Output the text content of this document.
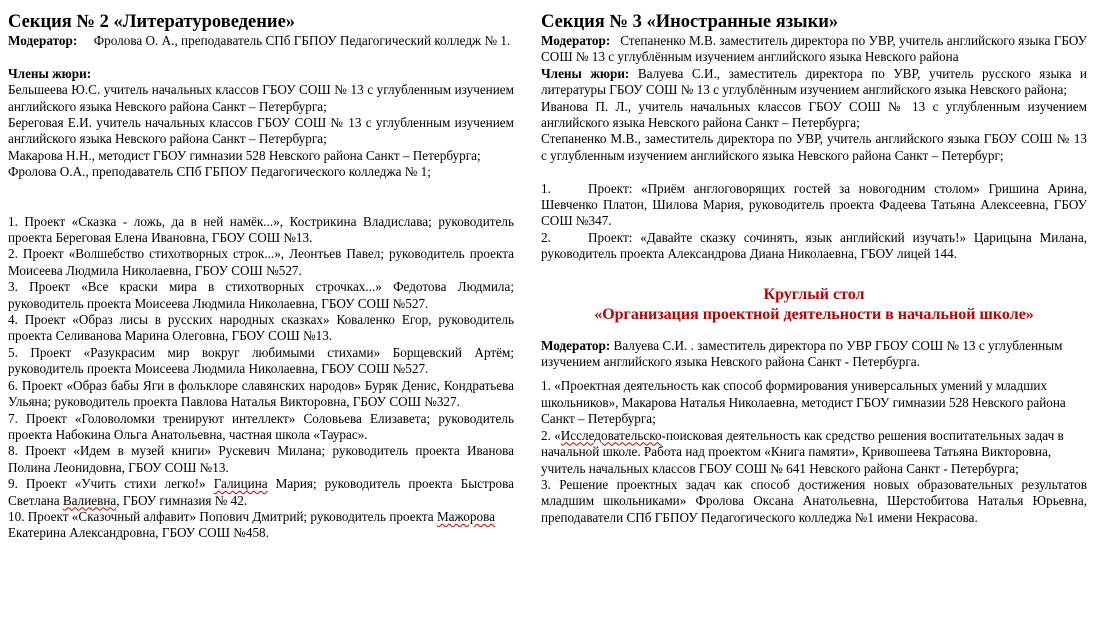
Секция № 2 «Литературоведение»

Модератор: Фролова О. А., преподаватель СПб ГБПОУ Педагогический колледж № 1.

Члены жюри:

Бельшеева Ю.С. учитель начальных классов ГБОУ СОШ № 13 с углубленным изучением английского языка Невского района Санкт – Петербурга;

Береговая Е.И. учитель начальных классов ГБОУ СОШ № 13 с углубленным изучением английского языка Невского района Санкт – Петербурга;

Макарова Н.Н., методист ГБОУ гимназии 528 Невского района Санкт – Петербурга;

Фролова О.А., преподаватель СПб ГБПОУ Педагогического колледжа № 1;

1. Проект «Сказка - ложь, да в ней намёк...», Кострикина Владислава; руководитель проекта Береговая Елена Ивановна, ГБОУ СОШ №13.

2. Проект «Волшебство стихотворных строк...», Леонтьев Павел; руководитель проекта Моисеева Людмила Николаевна, ГБОУ СОШ №527.

3. Проект «Все краски мира в стихотворных строчках...» Федотова Людмила; руководитель проекта Моисеева Людмила Николаевна, ГБОУ СОШ №527.

4. Проект «Образ лисы в русских народных сказках» Коваленко Егор, руководитель проекта Селиванова Марина Олеговна, ГБОУ СОШ №13.

5. Проект «Разукрасим мир вокруг любимыми стихами» Борщевский Артём; руководитель проекта Моисеева Людмила Николаевна, ГБОУ СОШ №527.

6. Проект «Образ бабы Яги в фольклоре славянских народов» Буряк Денис, Кондратьева Ульяна; руководитель проекта Павлова Наталья Викторовна, ГБОУ СОШ №327.

7. Проект «Головоломки тренируют интеллект» Соловьева Елизавета; руководитель проекта Набокина Ольга Анатольевна, частная школа «Таурас».

8. Проект «Идем в музей книги» Рускевич Милана; руководитель проекта Иванова Полина Леонидовна, ГБОУ СОШ №13.

9. Проект «Учить стихи легко!» Галицина Мария; руководитель проекта Быстрова Светлана Валиевна, ГБОУ гимназия № 42.

10. Проект «Сказочный алфавит» Попович Дмитрий; руководитель проекта Мажорова Екатерина Александровна, ГБОУ СОШ №458.

Секция № 3 «Иностранные языки»

Модератор: Степаненко М.В. заместитель директора по УВР, учитель английского языка ГБОУ СОШ № 13 с углублённым изучением английского языка Невского района

Члены жюри: Валуева С.И., заместитель директора по УВР, учитель русского языка и литературы ГБОУ СОШ № 13 с углублённым изучением английского языка Невского района;

Иванова П. Л., учитель начальных классов ГБОУ СОШ № 13 с углубленным изучением английского языка Невского района Санкт – Петербурга;

Степаненко М.В., заместитель директора по УВР, учитель английского языка ГБОУ СОШ № 13 с углубленным изучением английского языка Невского района Санкт – Петербург;

1.	Проект: «Приём англоговорящих гостей за новогодним столом» Гришина Арина, Шевченко Платон, Шилова Мария, руководитель проекта Фадеева Татьяна Алексеевна, ГБОУ СОШ №347.

2.	Проект: «Давайте сказку сочинять, язык английский изучать!» Царицына Милана, руководитель проекта Александрова Диана Николаевна, ГБОУ лицей 144.

Круглый стол
«Организация проектной деятельности в начальной школе»

Модератор: Валуева С.И. . заместитель директора по УВР ГБОУ СОШ № 13 с углубленным изучением английского языка Невского района Санкт - Петербурга.

1. «Проектная деятельность как способ формирования универсальных умений у младших школьников», Макарова Наталья Николаевна, методист ГБОУ гимназии 528 Невского района Санкт – Петербурга;

2. «Исследовательско-поисковая деятельность как средство решения воспитательных задач в начальной школе. Работа над проектом «Книга памяти», Кривошеева Татьяна Викторовна, учитель начальных классов ГБОУ СОШ № 641 Невского района Санкт - Петербурга;

3. Решение проектных задач как способ достижения новых образовательных результатов младшим школьниками» Фролова Оксана Анатольевна, Шерстобитова Наталья Юрьевна, преподаватели СПб ГБПОУ Педагогического колледжа №1 имени Некрасова.
